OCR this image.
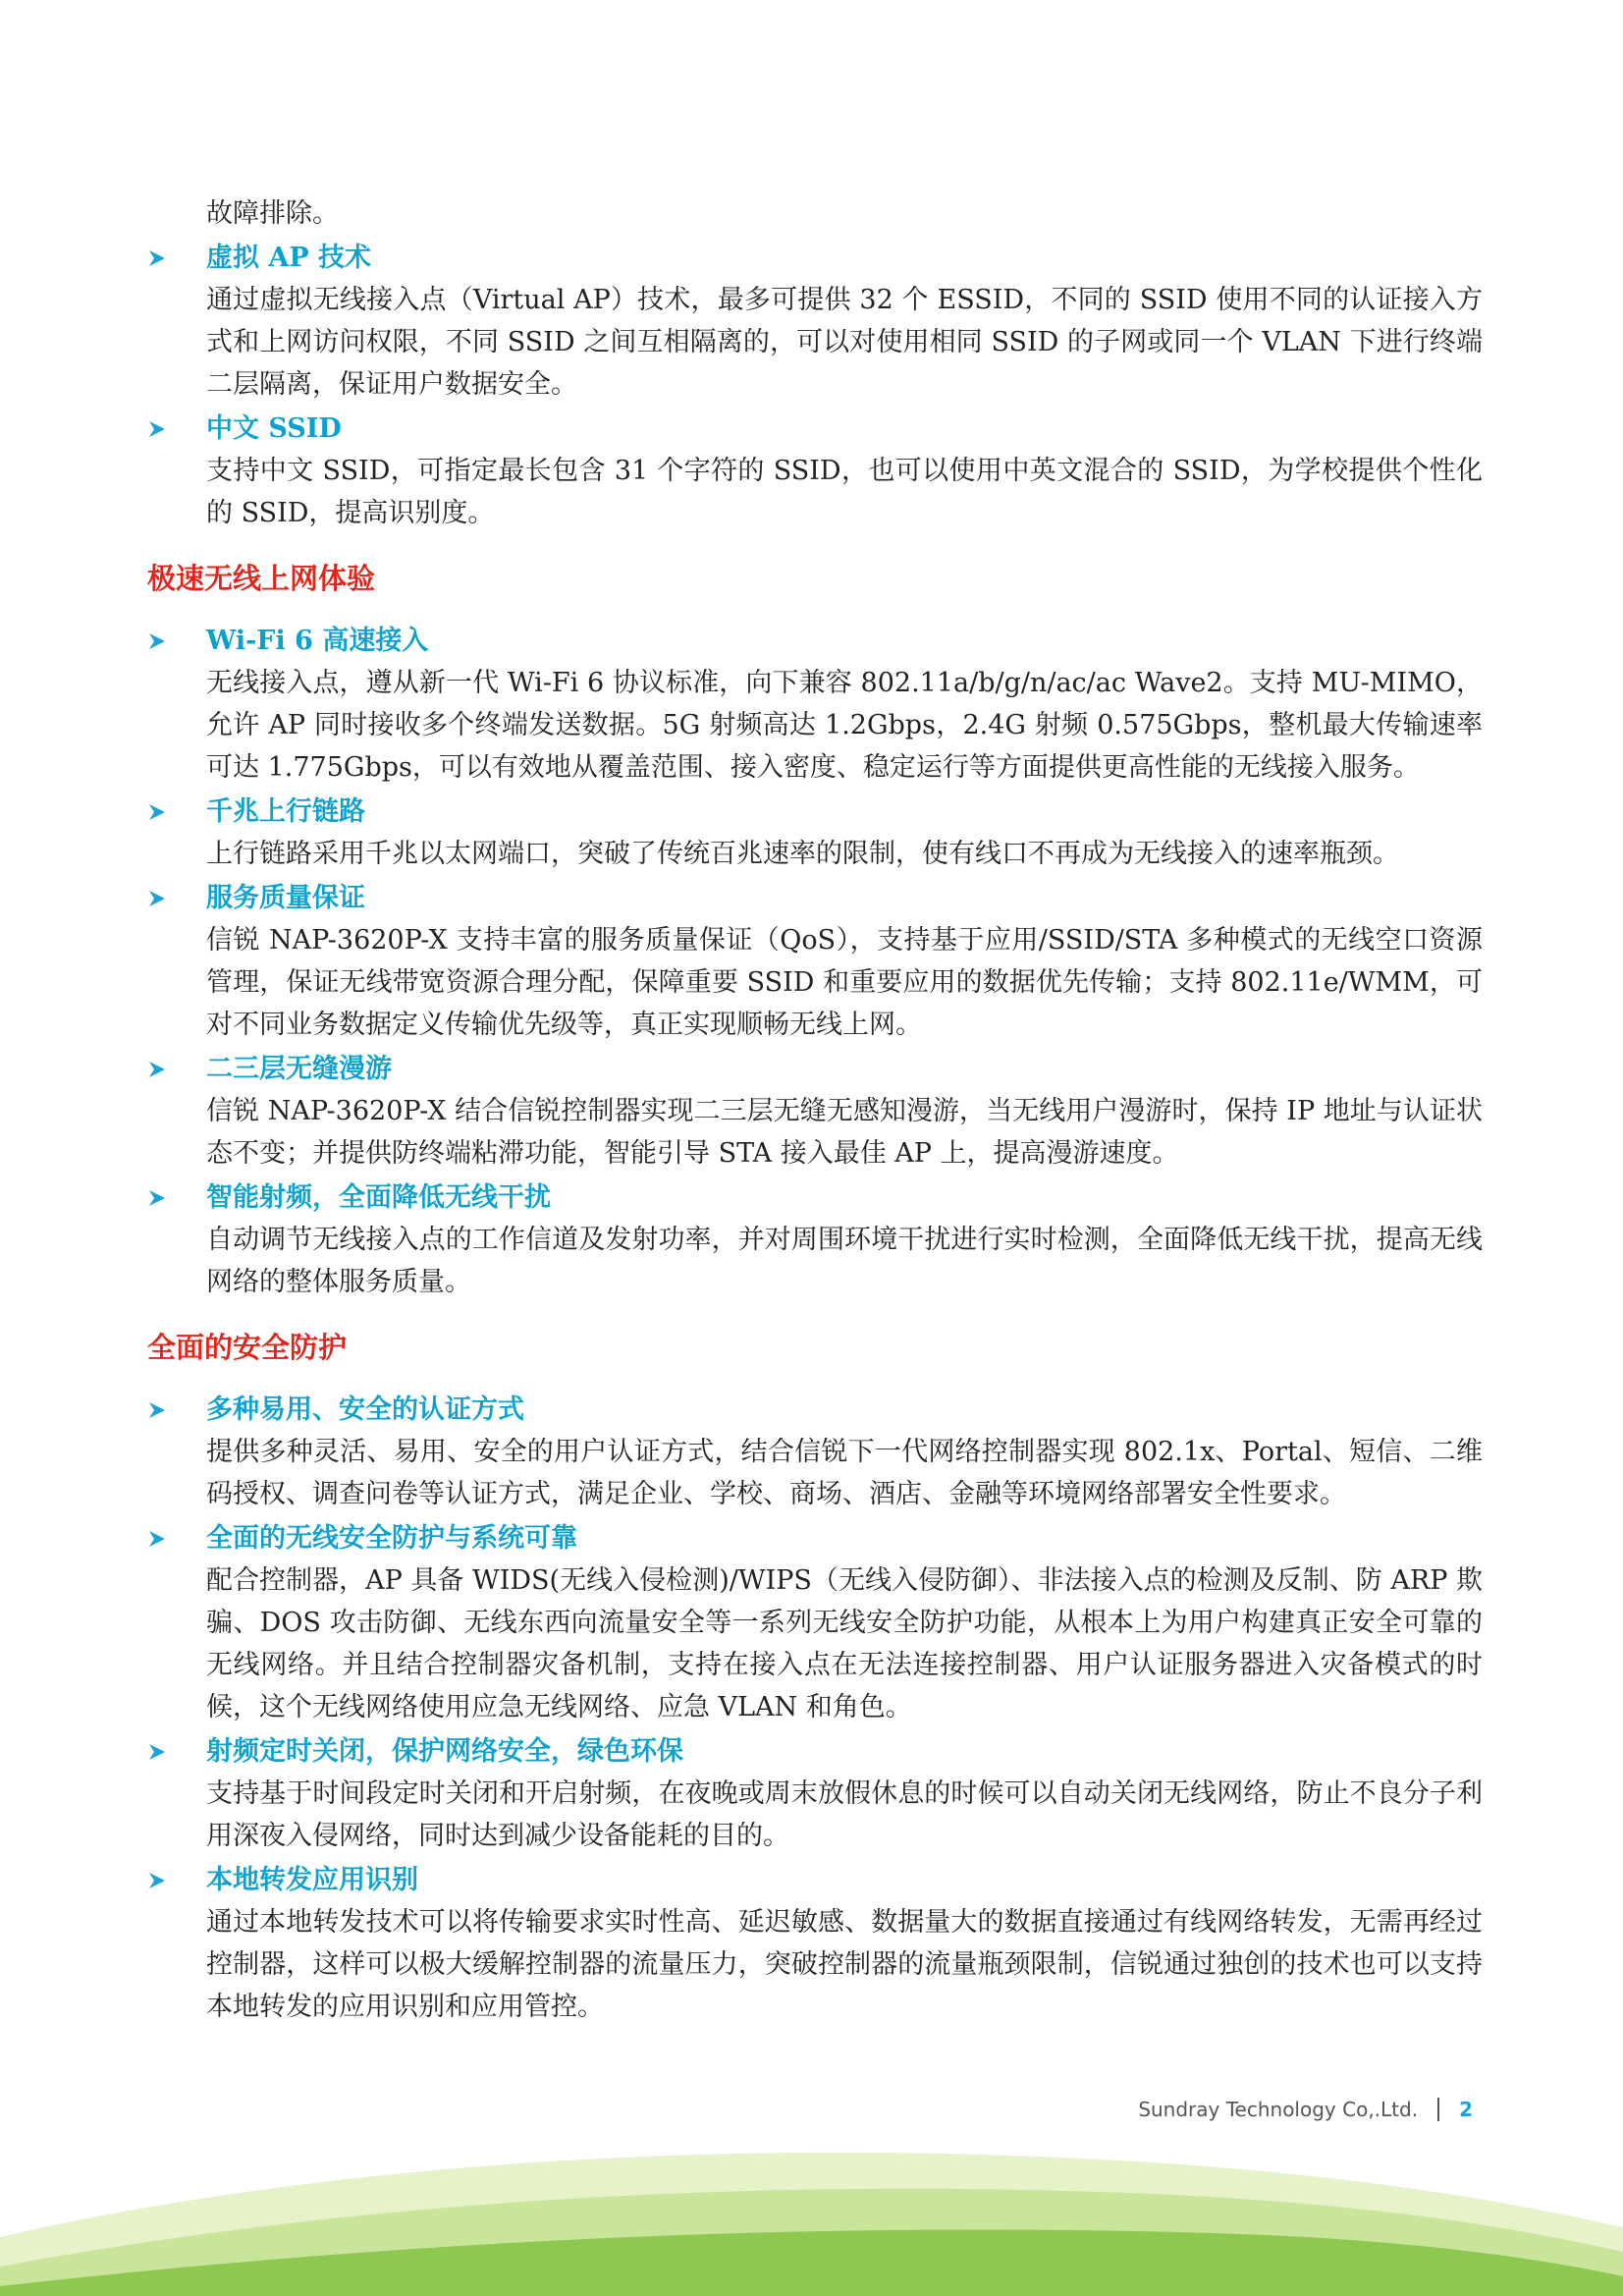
故障排除。
虚拟 AP 技术
通过虚拟无线接入点（Virtual AP）技术，最多可提供 32 个 ESSID，不同的 SSID 使用不同的认证接入方式和上网访问权限，不同 SSID 之间互相隔离的，可以对使用相同 SSID 的子网或同一个 VLAN 下进行终端二层隔离，保证用户数据安全。
中文 SSID
支持中文 SSID，可指定最长包含 31 个字符的 SSID，也可以使用中英文混合的 SSID，为学校提供个性化的 SSID，提高识别度。
极速无线上网体验
Wi-Fi 6 高速接入
无线接入点，遵从新一代 Wi-Fi 6 协议标准，向下兼容 802.11a/b/g/n/ac/ac Wave2。支持 MU-MIMO，允许 AP 同时接收多个终端发送数据。5G 射频高达 1.2Gbps，2.4G 射频 0.575Gbps，整机最大传输速率可达 1.775Gbps，可以有效地从覆盖范围、接入密度、稳定运行等方面提供更高性能的无线接入服务。
千兆上行链路
上行链路采用千兆以太网端口，突破了传统百兆速率的限制，使有线口不再成为无线接入的速率瓶颈。
服务质量保证
信锐 NAP-3620P-X 支持丰富的服务质量保证（QoS），支持基于应用/SSID/STA 多种模式的无线空口资源管理，保证无线带宽资源合理分配，保障重要 SSID 和重要应用的数据优先传输；支持 802.11e/WMM，可对不同业务数据定义传输优先级等，真正实现顺畅无线上网。
二三层无缝漫游
信锐 NAP-3620P-X 结合信锐控制器实现二三层无缝无感知漫游，当无线用户漫游时，保持 IP 地址与认证状态不变；并提供防终端粘滞功能，智能引导 STA 接入最佳 AP 上，提高漫游速度。
智能射频，全面降低无线干扰
自动调节无线接入点的工作信道及发射功率，并对周围环境干扰进行实时检测，全面降低无线干扰，提高无线网络的整体服务质量。
全面的安全防护
多种易用、安全的认证方式
提供多种灵活、易用、安全的用户认证方式，结合信锐下一代网络控制器实现 802.1x、Portal、短信、二维码授权、调查问卷等认证方式，满足企业、学校、商场、酒店、金融等环境网络部署安全性要求。
全面的无线安全防护与系统可靠
配合控制器，AP 具备 WIDS(无线入侵检测)/WIPS（无线入侵防御）、非法接入点的检测及反制、防 ARP 欺骗、DOS 攻击防御、无线东西向流量安全等一系列无线安全防护功能，从根本上为用户构建真正安全可靠的无线网络。并且结合控制器灾备机制，支持在接入点在无法连接控制器、用户认证服务器进入灾备模式的时候，这个无线网络使用应急无线网络、应急 VLAN 和角色。
射频定时关闭，保护网络安全，绿色环保
支持基于时间段定时关闭和开启射频，在夜晚或周末放假休息的时候可以自动关闭无线网络，防止不良分子利用深夜入侵网络，同时达到减少设备能耗的目的。
本地转发应用识别
通过本地转发技术可以将传输要求实时性高、延迟敏感、数据量大的数据直接通过有线网络转发，无需再经过控制器，这样可以极大缓解控制器的流量压力，突破控制器的流量瓶颈限制，信锐通过独创的技术也可以支持本地转发的应用识别和应用管控。
Sundray Technology Co,.Ltd. 2
